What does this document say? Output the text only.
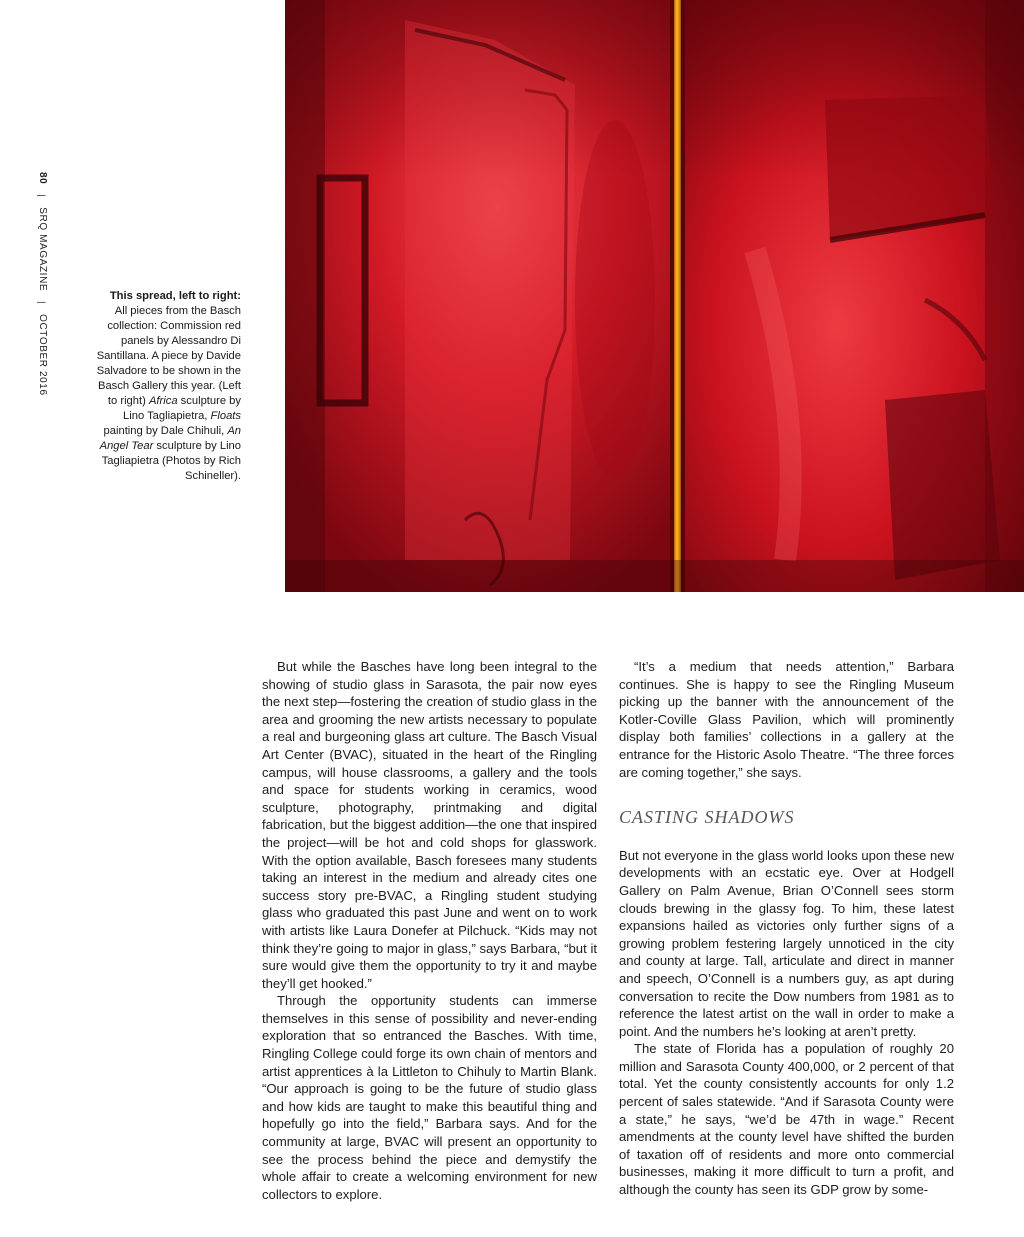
80
|
SRQ MAGAZINE
|
OCTOBER 2016
This spread, left to right:
All pieces from the Basch collection: Commission red panels by Alessandro Di Santillana. A piece by Davide Salvadore to be shown in the Basch Gallery this year. (Left to right) Africa sculpture by Lino Tagliapietra, Floats painting by Dale Chihuli, An Angel Tear sculpture by Lino Tagliapietra (Photos by Rich Schineller).

But while the Basches have long been integral to the showing of studio glass in Sarasota, the pair now eyes the next step—fostering the creation of studio glass in the area and grooming the new artists necessary to populate a real and burgeoning glass art culture. The Basch Visual Art Center (BVAC), situated in the heart of the Ringling campus, will house classrooms, a gallery and the tools and space for students working in ceramics, wood sculpture, photography, printmaking and digital fabrication, but the biggest addition—the one that inspired the project—will be hot and cold shops for glasswork. With the option available, Basch foresees many students taking an interest in the medium and already cites one success story pre-BVAC, a Ringling student studying glass who graduated this past June and went on to work with artists like Laura Donefer at Pilchuck. “Kids may not think they’re going to major in glass,” says Barbara, “but it sure would give them the opportunity to try it and maybe they’ll get hooked.”

Through the opportunity students can immerse themselves in this sense of possibility and never-ending exploration that so entranced the Basches. With time, Ringling College could forge its own chain of mentors and artist apprentices à la Littleton to Chihuly to Martin Blank. “Our approach is going to be the future of studio glass and how kids are taught to make this beautiful thing and hopefully go into the field,” Barbara says. And for the community at large, BVAC will present an opportunity to see the process behind the piece and demystify the whole affair to create a welcoming environment for new collectors to explore.

“It’s a medium that needs attention,” Barbara continues. She is happy to see the Ringling Museum picking up the banner with the announcement of the Kotler-Coville Glass Pavilion, which will prominently display both families’ collections in a gallery at the entrance for the Historic Asolo Theatre. “The three forces are coming together,” she says.

CASTING SHADOWS

But not everyone in the glass world looks upon these new developments with an ecstatic eye. Over at Hodgell Gallery on Palm Avenue, Brian O’Connell sees storm clouds brewing in the glassy fog. To him, these latest expansions hailed as victories only further signs of a growing problem festering largely unnoticed in the city and county at large. Tall, articulate and direct in manner and speech, O’Connell is a numbers guy, as apt during conversation to recite the Dow numbers from 1981 as to reference the latest artist on the wall in order to make a point. And the numbers he’s looking at aren’t pretty.

The state of Florida has a population of roughly 20 million and Sarasota County 400,000, or 2 percent of that total. Yet the county consistently accounts for only 1.2 percent of sales statewide. “And if Sarasota County were a state,” he says, “we’d be 47th in wage.” Recent amendments at the county level have shifted the burden of taxation off of residents and more onto commercial businesses, making it more difficult to turn a profit, and although the county has seen its GDP grow by some-
